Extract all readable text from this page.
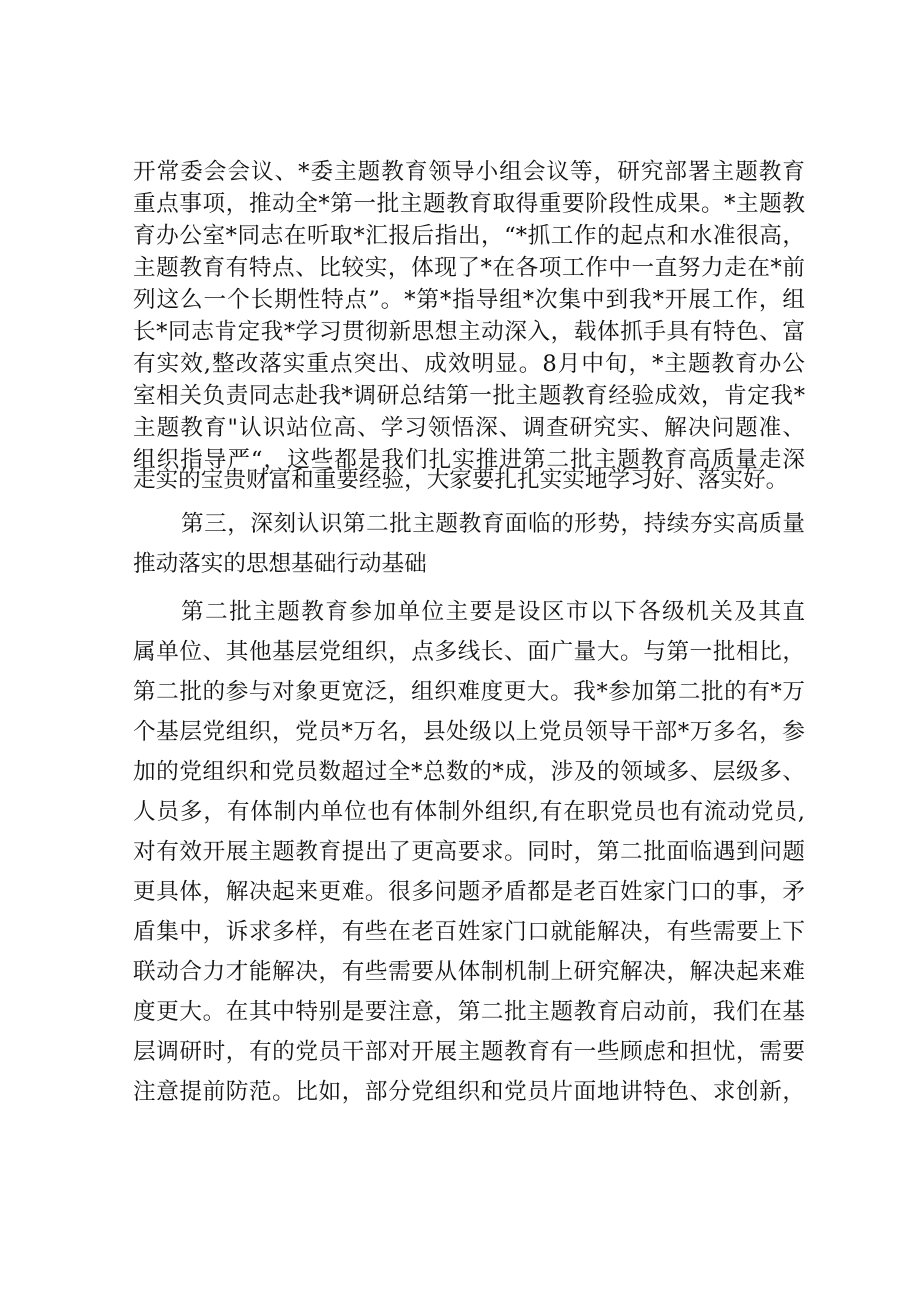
开常委会会议、*委主题教育领导小组会议等，研究部署主题教育
重点事项，推动全*第一批主题教育取得重要阶段性成果。*主题教
育办公室*同志在听取*汇报后指出，“*抓工作的起点和水准很高，
主题教育有特点、比较实，体现了*在各项工作中一直努力走在*前
列这么一个长期性特点”。*第*指导组*次集中到我*开展工作，组
长*同志肯定我*学习贯彻新思想主动深入，载体抓手具有特色、富
有实效,整改落实重点突出、成效明显。8月中旬，*主题教育办公
室相关负责同志赴我*调研总结第一批主题教育经验成效，肯定我*
主题教育"认识站位高、学习领悟深、调查研究实、解决问题准、
组织指导严“，这些都是我们扎实推进第二批主题教育高质量走深
走实的宝贵财富和重要经验，大家要扎扎实实地学习好、落实好。
第三，深刻认识第二批主题教育面临的形势，持续夯实高质量
推动落实的思想基础行动基础
第二批主题教育参加单位主要是设区市以下各级机关及其直
属单位、其他基层党组织，点多线长、面广量大。与第一批相比，
第二批的参与对象更宽泛，组织难度更大。我*参加第二批的有*万
个基层党组织，党员*万名，县处级以上党员领导干部*万多名，参
加的党组织和党员数超过全*总数的*成，涉及的领域多、层级多、
人员多，有体制内单位也有体制外组织,有在职党员也有流动党员,
对有效开展主题教育提出了更高要求。同时，第二批面临遇到问题
更具体，解决起来更难。很多问题矛盾都是老百姓家门口的事，矛
盾集中，诉求多样，有些在老百姓家门口就能解决，有些需要上下
联动合力才能解决，有些需要从体制机制上研究解决，解决起来难
度更大。在其中特别是要注意，第二批主题教育启动前，我们在基
层调研时，有的党员干部对开展主题教育有一些顾虑和担忧，需要
注意提前防范。比如，部分党组织和党员片面地讲特色、求创新，
